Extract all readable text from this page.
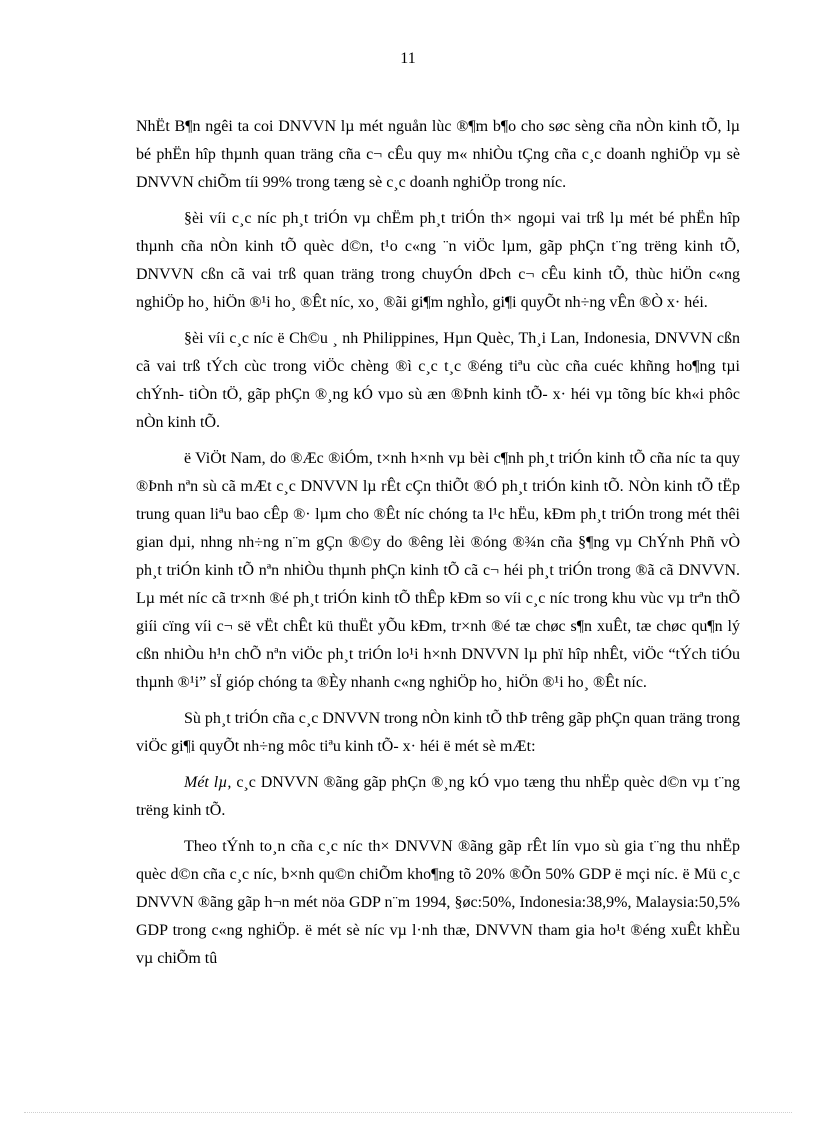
11

NhËt B¶n ngêi ta coi DNVVN lµ mét nguån lùc ®¶m b¶o cho søc sèng cña nÒn kinh tÕ, lµ bé phËn hîp thµnh quan träng cña c¬ cÊu quy m« nhiÒu tÇng cña c¸c doanh nghiÖp vµ sè DNVVN chiÕm tíi 99% trong tæng sè c¸c doanh nghiÖp trong níc.

§èi víi c¸c níc ph¸t triÓn vµ chËm ph¸t triÓn th× ngoµi vai trß lµ mét bé phËn hîp thµnh cña nÒn kinh tÕ quèc d©n, t¹o c«ng ¨n viÖc lµm, gãp phÇn t¨ng trëng kinh tÕ, DNVVN cßn cã vai trß quan träng trong chuyÓn dÞch c¬ cÊu kinh tÕ, thùc hiÖn c«ng nghiÖp ho¸ hiÖn ®¹i ho¸ ®Êt níc, xo¸ ®ãi gi¶m nghÌo, gi¶i quyÕt nh÷ng vÊn ®Ò x· héi.

§èi víi c¸c níc ë Ch©u ¸ nh Philippines, Hµn Quèc, Th¸i Lan, Indonesia, DNVVN cßn cã vai trß tÝch cùc trong viÖc chèng ®ì c¸c t¸c ®éng tiªu cùc cña cuéc khñng ho¶ng tµi chÝnh- tiÒn tÖ, gãp phÇn ®¸ng kÓ vµo sù æn ®Þnh kinh tÕ- x· héi vµ tõng bíc kh«i phôc nÒn kinh tÕ.

ë ViÖt Nam, do ®Æc ®iÓm, t×nh h×nh vµ bèi c¶nh ph¸t triÓn kinh tÕ cña níc ta quy ®Þnh nªn sù cã mÆt c¸c DNVVN lµ rÊt cÇn thiÕt ®Ó ph¸t triÓn kinh tÕ. NÒn kinh tÕ tËp trung quan liªu bao cÊp ®· lµm cho ®Êt níc chóng ta l¹c hËu, kÐm ph¸t triÓn trong mét thêi gian dµi, nhng nh÷ng n¨m gÇn ®©y do ®êng lèi ®óng ®¾n cña §¶ng vµ ChÝnh Phñ vÒ ph¸t triÓn kinh tÕ nªn nhiÒu thµnh phÇn kinh tÕ cã c¬ héi ph¸t triÓn trong ®ã cã DNVVN. Lµ mét níc cã tr×nh ®é ph¸t triÓn kinh tÕ thÊp kÐm so víi c¸c níc trong khu vùc vµ trªn thÕ giíi cïng víi c¬ së vËt chÊt kü thuËt yÕu kÐm, tr×nh ®é tæ chøc s¶n xuÊt, tæ chøc qu¶n lý cßn nhiÒu h¹n chÕ nªn viÖc ph¸t triÓn lo¹i h×nh DNVVN lµ phï hîp nhÊt, viÖc “tÝch tiÓu thµnh ®¹i” sÏ gióp chóng ta ®Èy nhanh c«ng nghiÖp ho¸ hiÖn ®¹i ho¸ ®Êt níc.

Sù ph¸t triÓn cña c¸c DNVVN trong nÒn kinh tÕ thÞ trêng gãp phÇn quan träng trong viÖc gi¶i quyÕt nh÷ng môc tiªu kinh tÕ- x· héi ë mét sè mÆt:

Mét lµ, c¸c DNVVN ®ãng gãp phÇn ®¸ng kÓ vµo tæng thu nhËp quèc d©n vµ t¨ng trëng kinh tÕ.

Theo tÝnh to¸n cña c¸c níc th× DNVVN ®ãng gãp rÊt lín vµo sù gia t¨ng thu nhËp quèc d©n cña c¸c níc, b×nh qu©n chiÕm kho¶ng tõ 20% ®Õn 50% GDP ë mçi níc. ë Mü c¸c DNVVN ®ãng gãp h¬n mét nöa GDP n¨m 1994, §øc:50%, Indonesia:38,9%, Malaysia:50,5% GDP trong c«ng nghiÖp. ë mét sè níc vµ l·nh thæ, DNVVN tham gia ho¹t ®éng xuÊt khÈu vµ chiÕm tû
